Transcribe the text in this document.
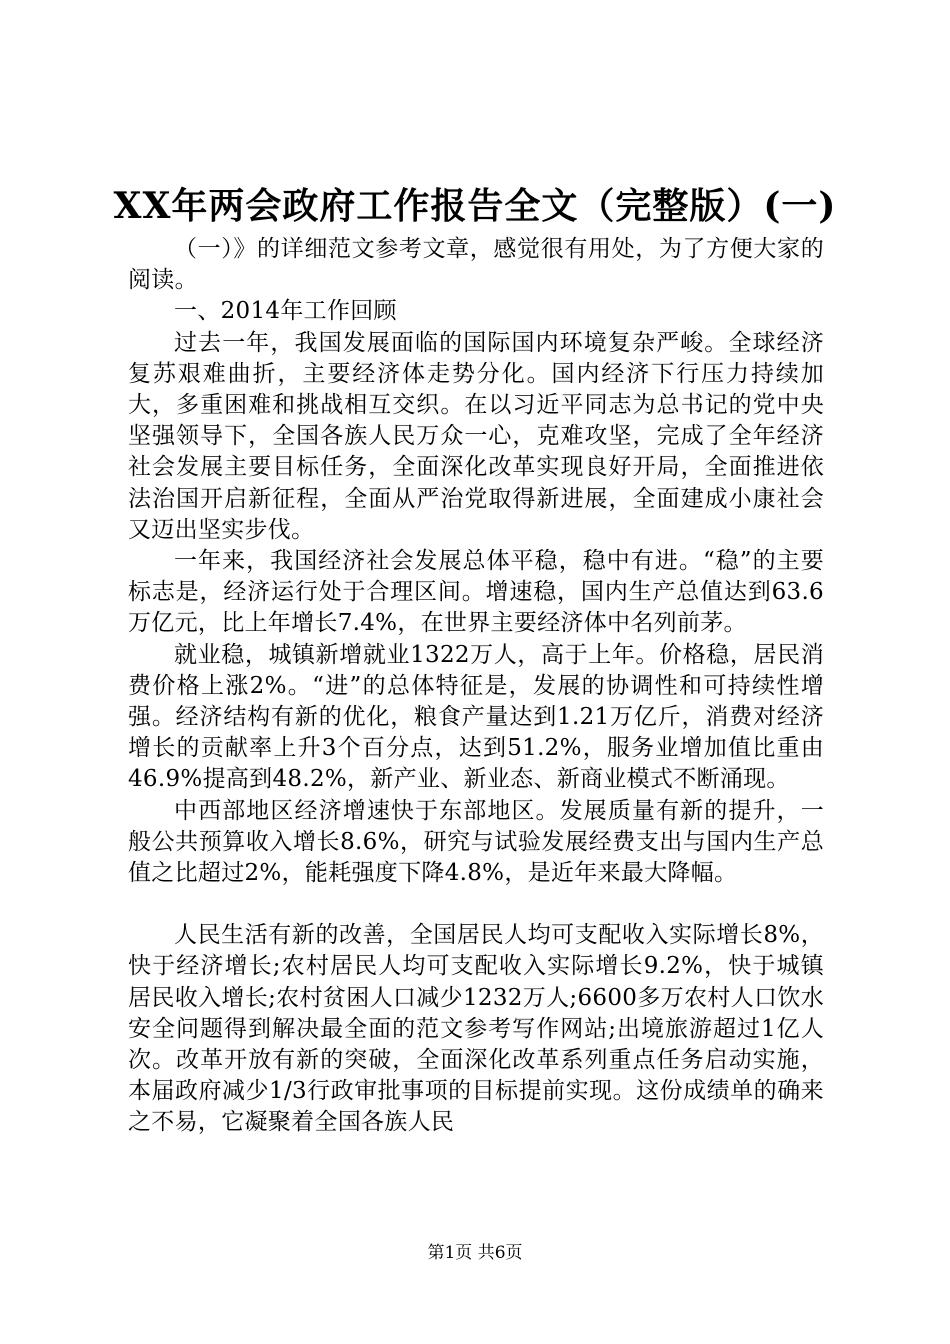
XX年两会政府工作报告全文（完整版）(一)

（一）》的详细范文参考文章，感觉很有用处，为了方便大家的阅读。

一、2014年工作回顾

过去一年，我国发展面临的国际国内环境复杂严峻。全球经济复苏艰难曲折，主要经济体走势分化。国内经济下行压力持续加大，多重困难和挑战相互交织。在以习近平同志为总书记的党中央坚强领导下，全国各族人民万众一心，克难攻坚，完成了全年经济社会发展主要目标任务，全面深化改革实现良好开局，全面推进依法治国开启新征程，全面从严治党取得新进展，全面建成小康社会又迈出坚实步伐。

一年来，我国经济社会发展总体平稳，稳中有进。“稳”的主要标志是，经济运行处于合理区间。增速稳，国内生产总值达到63.6万亿元，比上年增长7.4%，在世界主要经济体中名列前茅。

就业稳，城镇新增就业1322万人，高于上年。价格稳，居民消费价格上涨2%。“进”的总体特征是，发展的协调性和可持续性增强。经济结构有新的优化，粮食产量达到1.21万亿斤，消费对经济增长的贡献率上升3个百分点，达到51.2%，服务业增加值比重由46.9%提高到48.2%，新产业、新业态、新商业模式不断涌现。

中西部地区经济增速快于东部地区。发展质量有新的提升，一般公共预算收入增长8.6%，研究与试验发展经费支出与国内生产总值之比超过2%，能耗强度下降4.8%，是近年来最大降幅。

人民生活有新的改善，全国居民人均可支配收入实际增长8%，快于经济增长;农村居民人均可支配收入实际增长9.2%，快于城镇居民收入增长;农村贫困人口减少1232万人;6600多万农村人口饮水安全问题得到解决最全面的范文参考写作网站;出境旅游超过1亿人次。改革开放有新的突破，全面深化改革系列重点任务启动实施，本届政府减少1/3行政审批事项的目标提前实现。这份成绩单的确来之不易，它凝聚着全国各族人民

第1页 共6页
